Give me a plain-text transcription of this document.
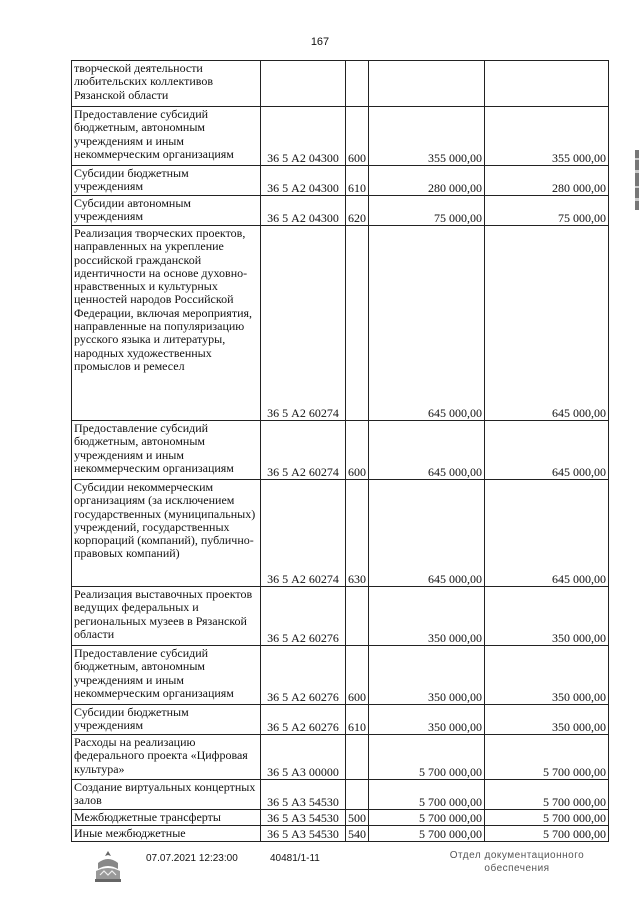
167
творческой деятельности любительских коллективов Рязанской области				
Предоставление субсидий бюджетным, автономным учреждениям и иным некоммерческим организациям	36 5 А2 04300	600	355 000,00	355 000,00
Субсидии бюджетным учреждениям	36 5 А2 04300	610	280 000,00	280 000,00
Субсидии автономным учреждениям	36 5 А2 04300	620	75 000,00	75 000,00
Реализация творческих проектов, направленных на укрепление российской гражданской идентичности на основе духовно-нравственных и культурных ценностей народов Российской Федерации, включая мероприятия, направленные на популяризацию русского языка и литературы, народных художественных промыслов и ремесел	36 5 А2 60274		645 000,00	645 000,00
Предоставление субсидий бюджетным, автономным учреждениям и иным некоммерческим организациям	36 5 А2 60274	600	645 000,00	645 000,00
Субсидии некоммерческим организациям (за исключением государственных (муниципальных) учреждений, государственных корпораций (компаний), публично-правовых компаний)	36 5 А2 60274	630	645 000,00	645 000,00
Реализация выставочных проектов ведущих федеральных и региональных музеев в Рязанской области	36 5 А2 60276		350 000,00	350 000,00
Предоставление субсидий бюджетным, автономным учреждениям и иным некоммерческим организациям	36 5 А2 60276	600	350 000,00	350 000,00
Субсидии бюджетным учреждениям	36 5 А2 60276	610	350 000,00	350 000,00
Расходы на реализацию федерального проекта «Цифровая культура»	36 5 А3 00000		5 700 000,00	5 700 000,00
Создание виртуальных концертных залов	36 5 А3 54530		5 700 000,00	5 700 000,00
Межбюджетные трансферты	36 5 А3 54530	500	5 700 000,00	5 700 000,00
Иные межбюджетные	36 5 А3 54530	540	5 700 000,00	5 700 000,00
07.07.2021 12:23:00	40481/1-11	Отдел документационного
обеспечения
